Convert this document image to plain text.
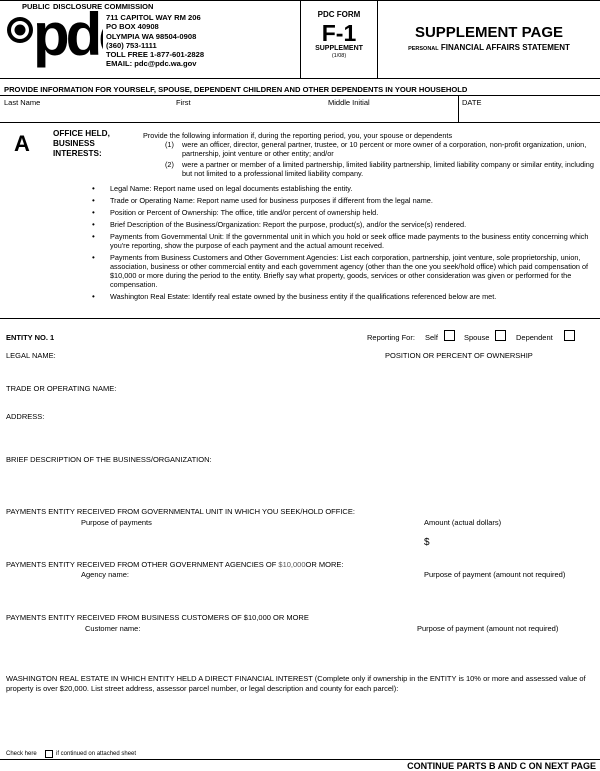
pd
PUBLIC DISCLOSURE COMMISSION
711 CAPITOL WAY RM 206
PO BOX 40908
OLYMPIA WA 98504-0908
(360) 753-1111
TOLL FREE 1-877-601-2828
EMAIL: pdc@pdc.wa.gov
PDC FORM
F-1
SUPPLEMENT
(1/08)
SUPPLEMENT PAGE
PERSONAL FINANCIAL AFFAIRS STATEMENT
PROVIDE INFORMATION FOR YOURSELF, SPOUSE, DEPENDENT CHILDREN AND OTHER DEPENDENTS IN YOUR HOUSEHOLD
Last Name	First	Middle Initial	DATE
A	OFFICE HELD,
BUSINESS
INTERESTS:
Provide the following information if, during the reporting period, you, your spouse or dependents
(1) were an officer, director, general partner, trustee, or 10 percent or more owner of a corporation, non-profit organization, union, partnership, joint venture or other entity; and/or
(2) were a partner or member of a limited partnership, limited liability partnership, limited liability company or similar entity, including but not limited to a professional limited liability company.
• Legal Name: Report name used on legal documents establishing the entity.
• Trade or Operating Name: Report name used for business purposes if different from the legal name.
• Position or Percent of Ownership: The office, title and/or percent of ownership held.
• Brief Description of the Business/Organization: Report the purpose, product(s), and/or the service(s) rendered.
• Payments from Governmental Unit: If the governmental unit in which you hold or seek office made payments to the business entity concerning which you're reporting, show the purpose of each payment and the actual amount received.
• Payments from Business Customers and Other Government Agencies: List each corporation, partnership, joint venture, sole proprietorship, union, association, business or other commercial entity and each government agency (other than the one you seek/hold office) which paid compensation of $10,000 or more during the period to the entity. Briefly say what property, goods, services or other consideration was given or performed for the compensation.
• Washington Real Estate: Identify real estate owned by the business entity if the qualifications referenced below are met.
ENTITY NO. 1	Reporting For: Self	Spouse	Dependent
LEGAL NAME:	POSITION OR PERCENT OF OWNERSHIP
TRADE OR OPERATING NAME:
ADDRESS:
BRIEF DESCRIPTION OF THE BUSINESS/ORGANIZATION:
PAYMENTS ENTITY RECEIVED FROM GOVERNMENTAL UNIT IN WHICH YOU SEEK/HOLD OFFICE:
Purpose of payments	Amount (actual dollars)
$
PAYMENTS ENTITY RECEIVED FROM OTHER GOVERNMENT AGENCIES OF $10,000OR MORE:
Agency name:	Purpose of payment (amount not required)
PAYMENTS ENTITY RECEIVED FROM BUSINESS CUSTOMERS OF $10,000 OR MORE
Customer name:	Purpose of payment (amount not required)
WASHINGTON REAL ESTATE IN WHICH ENTITY HELD A DIRECT FINANCIAL INTEREST (Complete only if ownership in the ENTITY is 10% or more and assessed value of property is over $20,000. List street address, assessor parcel number, or legal description and county for each parcel):
Check here	if continued on attached sheet
CONTINUE PARTS B AND C ON NEXT PAGE
